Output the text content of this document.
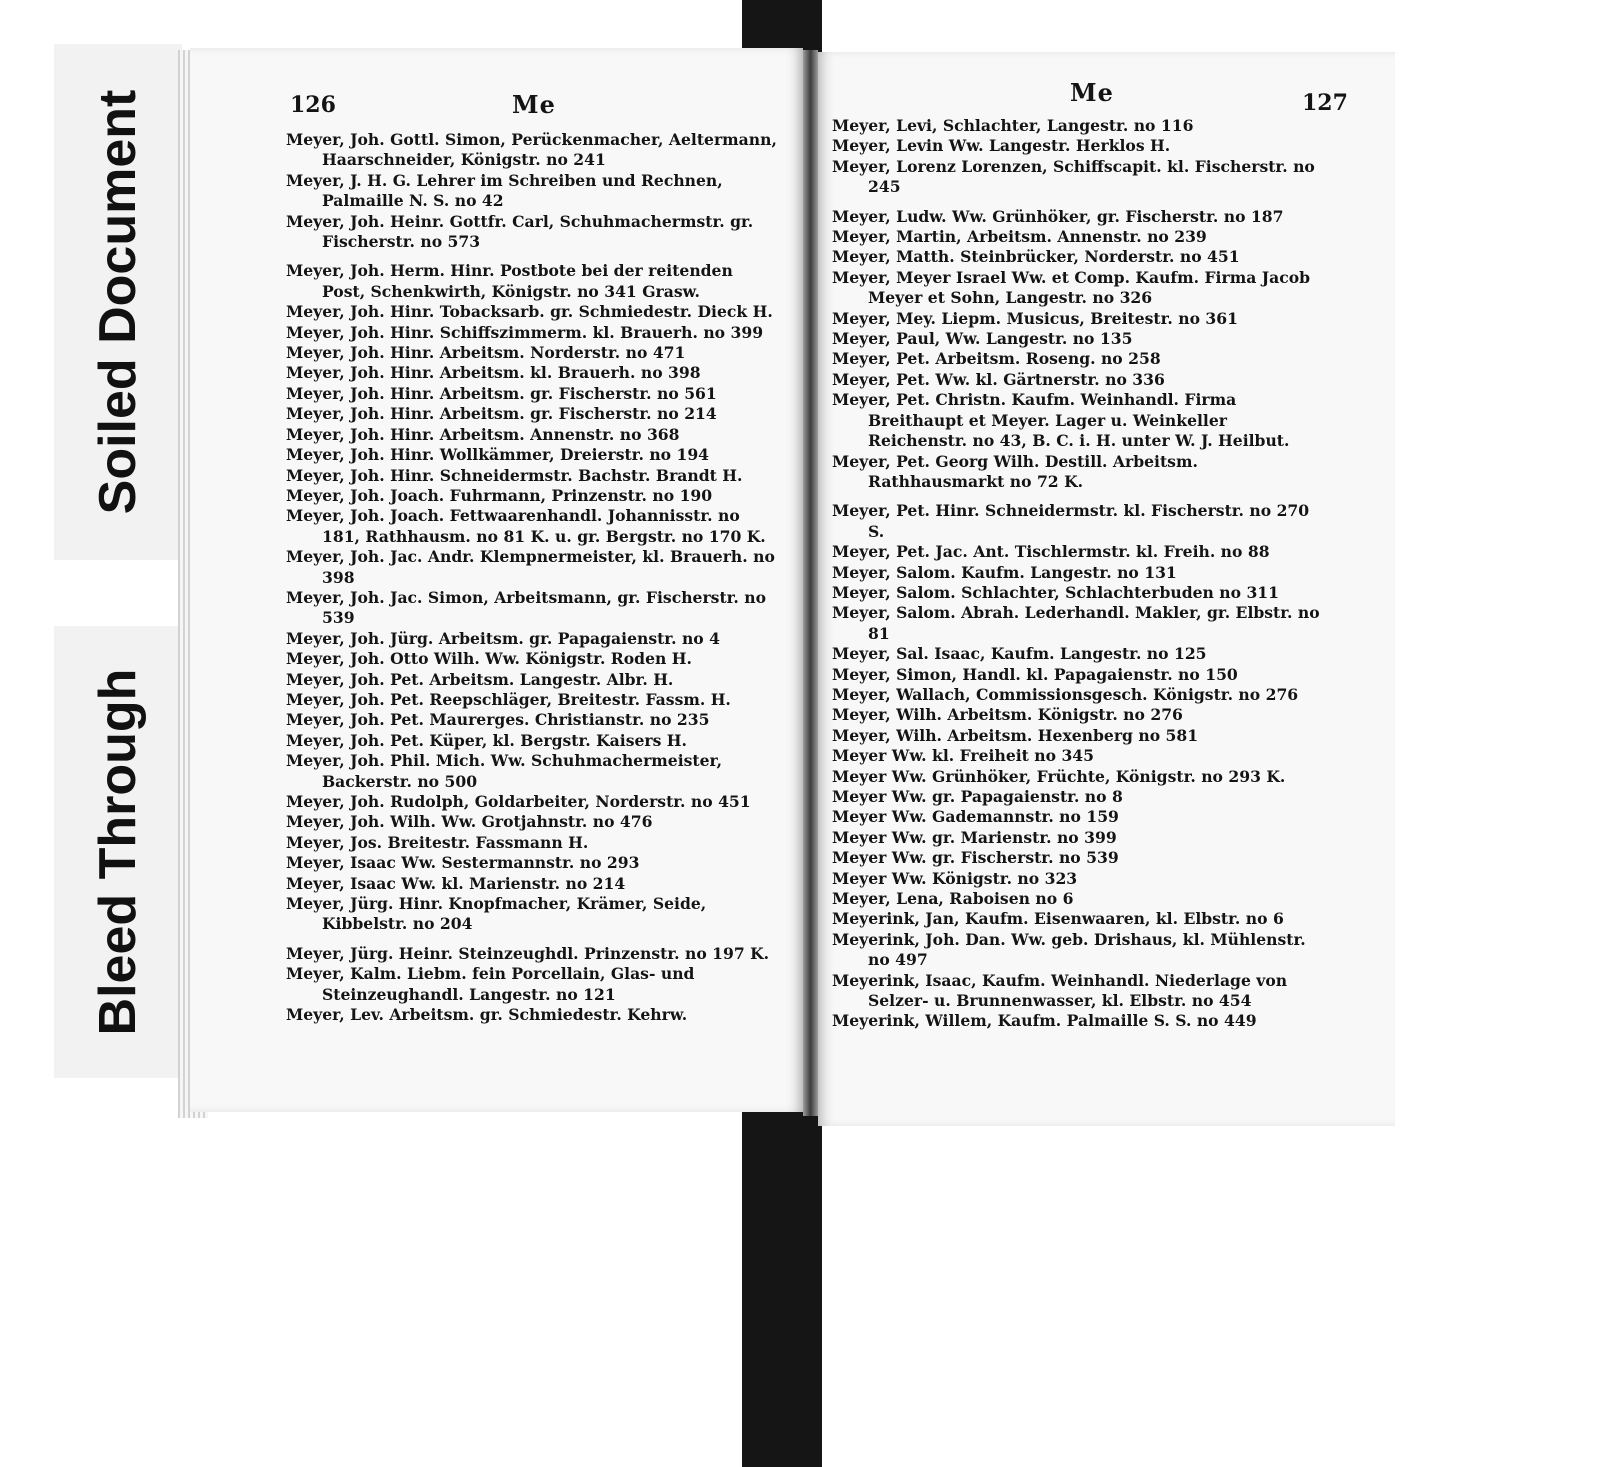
Soiled Document
Bleed Through
126	Me

Meyer, Joh. Gottl. Simon, Perückenmacher, Aeltermann, Haarschneider, Königstr. no 241

Meyer, J. H. G. Lehrer im Schreiben und Rechnen, Palmaille N. S. no 42

Meyer, Joh. Heinr. Gottfr. Carl, Schuhmachermstr. gr. Fischerstr. no 573

Meyer, Joh. Herm. Hinr. Postbote bei der reitenden Post, Schenkwirth, Königstr. no 341 Grasw.

Meyer, Joh. Hinr. Tobacksarb. gr. Schmiedestr. Dieck H.

Meyer, Joh. Hinr. Schiffszimmerm. kl. Brauerh. no 399

Meyer, Joh. Hinr. Arbeitsm. Norderstr. no 471

Meyer, Joh. Hinr. Arbeitsm. kl. Brauerh. no 398

Meyer, Joh. Hinr. Arbeitsm. gr. Fischerstr. no 561

Meyer, Joh. Hinr. Arbeitsm. gr. Fischerstr. no 214

Meyer, Joh. Hinr. Arbeitsm. Annenstr. no 368

Meyer, Joh. Hinr. Wollkämmer, Dreierstr. no 194

Meyer, Joh. Hinr. Schneidermstr. Bachstr. Brandt H.

Meyer, Joh. Joach. Fuhrmann, Prinzenstr. no 190

Meyer, Joh. Joach. Fettwaarenhandl. Johannisstr. no 181, Rathhausm. no 81 K. u. gr. Bergstr. no 170 K.

Meyer, Joh. Jac. Andr. Klempnermeister, kl. Brauerh. no 398

Meyer, Joh. Jac. Simon, Arbeitsmann, gr. Fischerstr. no 539

Meyer, Joh. Jürg. Arbeitsm. gr. Papagaienstr. no 4

Meyer, Joh. Otto Wilh. Ww. Königstr. Roden H.

Meyer, Joh. Pet. Arbeitsm. Langestr. Albr. H.

Meyer, Joh. Pet. Reepschläger, Breitestr. Fassm. H.

Meyer, Joh. Pet. Maurerges. Christianstr. no 235

Meyer, Joh. Pet. Küper, kl. Bergstr. Kaisers H.

Meyer, Joh. Phil. Mich. Ww. Schuhmachermeister, Backerstr. no 500

Meyer, Joh. Rudolph, Goldarbeiter, Norderstr. no 451

Meyer, Joh. Wilh. Ww. Grotjahnstr. no 476

Meyer, Jos. Breitestr. Fassmann H.

Meyer, Isaac Ww. Sestermannstr. no 293

Meyer, Isaac Ww. kl. Marienstr. no 214

Meyer, Jürg. Hinr. Knopfmacher, Krämer, Seide, Kibbelstr. no 204

Meyer, Jürg. Heinr. Steinzeughdl. Prinzenstr. no 197 K.

Meyer, Kalm. Liebm. fein Porcellain, Glas- und Steinzeughandl. Langestr. no 121

Meyer, Lev. Arbeitsm. gr. Schmiedestr. Kehrw.

Me	127

Meyer, Levi, Schlachter, Langestr. no 116

Meyer, Levin Ww. Langestr. Herklos H.

Meyer, Lorenz Lorenzen, Schiffscapit. kl. Fischerstr. no 245

Meyer, Ludw. Ww. Grünhöker, gr. Fischerstr. no 187

Meyer, Martin, Arbeitsm. Annenstr. no 239

Meyer, Matth. Steinbrücker, Norderstr. no 451

Meyer, Meyer Israel Ww. et Comp. Kaufm. Firma Jacob Meyer et Sohn, Langestr. no 326

Meyer, Mey. Liepm. Musicus, Breitestr. no 361

Meyer, Paul, Ww. Langestr. no 135

Meyer, Pet. Arbeitsm. Roseng. no 258

Meyer, Pet. Ww. kl. Gärtnerstr. no 336

Meyer, Pet. Christn. Kaufm. Weinhandl. Firma Breithaupt et Meyer. Lager u. Weinkeller Reichenstr. no 43, B. C. i. H. unter W. J. Heilbut.

Meyer, Pet. Georg Wilh. Destill. Arbeitsm. Rathhausmarkt no 72 K.

Meyer, Pet. Hinr. Schneidermstr. kl. Fischerstr. no 270 S.

Meyer, Pet. Jac. Ant. Tischlermstr. kl. Freih. no 88

Meyer, Salom. Kaufm. Langestr. no 131

Meyer, Salom. Schlachter, Schlachterbuden no 311

Meyer, Salom. Abrah. Lederhandl. Makler, gr. Elbstr. no 81

Meyer, Sal. Isaac, Kaufm. Langestr. no 125

Meyer, Simon, Handl. kl. Papagaienstr. no 150

Meyer, Wallach, Commissionsgesch. Königstr. no 276

Meyer, Wilh. Arbeitsm. Königstr. no 276

Meyer, Wilh. Arbeitsm. Hexenberg no 581

Meyer Ww. kl. Freiheit no 345

Meyer Ww. Grünhöker, Früchte, Königstr. no 293 K.

Meyer Ww. gr. Papagaienstr. no 8

Meyer Ww. Gademannstr. no 159

Meyer Ww. gr. Marienstr. no 399

Meyer Ww. gr. Fischerstr. no 539

Meyer Ww. Königstr. no 323

Meyer, Lena, Raboisen no 6

Meyerink, Jan, Kaufm. Eisenwaaren, kl. Elbstr. no 6

Meyerink, Joh. Dan. Ww. geb. Drishaus, kl. Mühlenstr. no 497

Meyerink, Isaac, Kaufm. Weinhandl. Niederlage von Selzer- u. Brunnenwasser, kl. Elbstr. no 454

Meyerink, Willem, Kaufm. Palmaille S. S. no 449
